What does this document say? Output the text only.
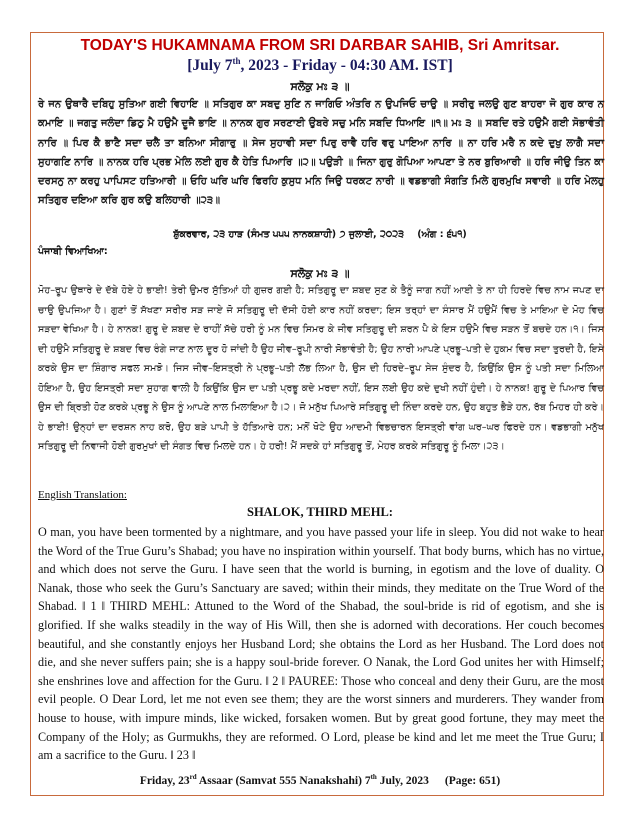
TODAY'S HUKAMNAMA FROM SRI DARBAR SAHIB, Sri Amritsar.

[July 7th, 2023 - Friday - 04:30 AM. IST]

ਸਲੋਕੁ ਮਃ ੩ ॥

ਰੇ ਜਨ ਉਥਾਰੈ ਦਬਿਹੁ ਸੁਤਿਆ ਗਈ ਵਿਹਾਇ ॥ ਸਤਿਗੁਰ ਕਾ ਸਬਦੁ ਸੁਣਿ ਨ ਜਾਗਿਓ ਅੰਤਰਿ ਨ ਉਪਜਿਓ ਚਾਉ ॥ ਸਰੀਰੁ ਜਲਉ ਗੁਣ ਬਾਹਰਾ ਜੋ ਗੁਰ ਕਾਰ ਨ ਕਮਾਇ ॥ ਜਗਤੁ ਜਲੰਦਾ ਡਿਠੁ ਮੈ ਹਉਮੈ ਦੂਜੈ ਭਾਇ ॥ ਨਾਨਕ ਗੁਰ ਸਰਣਾਈ ਉਬਰੇ ਸਚੁ ਮਨਿ ਸਬਦਿ ਧਿਆਇ ॥੧॥ ਮਃ ੩ ॥ ਸਬਦਿ ਰਤੇ ਹਉਮੈ ਗਈ ਸੋਭਾਵੰਤੀ ਨਾਰਿ ॥ ਪਿਰ ਕੈ ਭਾਣੈ ਸਦਾ ਚਲੈ ਤਾ ਬਨਿਆ ਸੀਗਾਰੁ ॥ ਸੇਜ ਸੁਹਾਵੀ ਸਦਾ ਪਿਰੁ ਰਾਵੈ ਹਰਿ ਵਰੁ ਪਾਇਆ ਨਾਰਿ ॥ ਨਾ ਹਰਿ ਮਰੈ ਨ ਕਦੇ ਦੁਖੁ ਲਾਗੈ ਸਦਾ ਸੁਹਾਗਣਿ ਨਾਰਿ ॥ ਨਾਨਕ ਹਰਿ ਪ੍ਰਭ ਮੇਲਿ ਲਈ ਗੁਰ ਕੈ ਹੇਤਿ ਪਿਆਰਿ ॥੨॥ ਪਉੜੀ ॥ ਜਿਨਾ ਗੁਰੁ ਗੋਪਿਆ ਆਪਣਾ ਤੇ ਨਰ ਬੁਰਿਆਰੀ ॥ ਹਰਿ ਜੀਉ ਤਿਨ ਕਾ ਦਰਸਨੁ ਨਾ ਕਰਹੁ ਪਾਪਿਸਟ ਹਤਿਆਰੀ ॥ ਓਹਿ ਘਰਿ ਘਰਿ ਫਿਰਹਿ ਕੁਸੁਧ ਮਨਿ ਜਿਉ ਧਰਕਟ ਨਾਰੀ ॥ ਵਡਭਾਗੀ ਸੰਗਤਿ ਮਿਲੇ ਗੁਰਮੁਖਿ ਸਵਾਰੀ ॥ ਹਰਿ ਮੇਲਹੁ ਸਤਿਗੁਰ ਦਇਆ ਕਰਿ ਗੁਰ ਕਉ ਬਲਿਹਾਰੀ ॥੨੩॥

ਸ਼ੁੱਕਰਵਾਰ, ੨੩ ਹਾੜ (ਸੰਮਤ ੫੫੫ ਨਾਨਕਸ਼ਾਹੀ) ੭ ਜੁਲਾਈ, ੨੦੨੩ (ਅੰਗ : ੬੫੧)

ਪੰਜਾਬੀ ਵਿਆਖਿਆ:

ਸਲੋਕੁ ਮਃ ੩ ॥

ਮੋਹ–ਰੂਪ ਉਥਾਰੇ ਦੇ ਦੱਬੇ ਹੋਏ ਹੇ ਭਾਈ! ਤੇਰੀ ਉਮਰ ਸੁੱਤਿਆਂ ਹੀ ਗੁਜ਼ਰ ਗਈ ਹੈ; ਸਤਿਗੁਰੂ ਦਾ ਸ਼ਬਦ ਸੁਣ ਕੇ ਤੈਨੂੰ ਜਾਗ ਨਹੀਂ ਆਈ ਤੇ ਨਾ ਹੀ ਹਿਰਦੇ ਵਿਚ ਨਾਮ ਜਪਣ ਦਾ ਚਾਉ ਉਪਜਿਆ ਹੈ। ਗੁਣਾਂ ਤੋਂ ਸੱਖਣਾ ਸਰੀਰ ਸੜ ਜਾਏ ਜੋ ਸਤਿਗੁਰੂ ਦੀ ਦੱਸੀ ਹੋਈ ਕਾਰ ਨਹੀਂ ਕਰਦਾ; ਇਸ ਤਰ੍ਹਾਂ ਦਾ ਸੰਸਾਰ ਮੈਂ ਹਉਮੈਂ ਵਿਚ ਤੇ ਮਾਇਆ ਦੇ ਮੋਹ ਵਿਚ ਸੜਦਾ ਵੇਖਿਆ ਹੈ। ਹੇ ਨਾਨਕ! ਗੁਰੂ ਦੇ ਸ਼ਬਦ ਦੇ ਰਾਹੀਂ ਸੱਚੇ ਹਰੀ ਨੂੰ ਮਨ ਵਿਚ ਸਿਮਰ ਕੇ ਜੀਵ ਸਤਿਗੁਰੂ ਦੀ ਸ਼ਰਨ ਪੈ ਕੇ ਇਸ ਹਉਮੈ ਵਿਚ ਸੜਨ ਤੋਂ ਬਚਦੇ ਹਨ।੧। ਜਿਸ ਦੀ ਹਉਮੈ ਸਤਿਗੁਰੂ ਦੇ ਸ਼ਬਦ ਵਿਚ ਰੰਗੇ ਜਾਣ ਨਾਲ ਦੂਰ ਹੋ ਜਾਂਦੀ ਹੈ ਉਹ ਜੀਵ–ਰੂਪੀ ਨਾਰੀ ਸੋਭਾਵੰਤੀ ਹੈ; ਉਹ ਨਾਰੀ ਆਪਣੇ ਪ੍ਰਭੂ–ਪਤੀ ਦੇ ਹੁਕਮ ਵਿਚ ਸਦਾ ਤੁਰਦੀ ਹੈ, ਇਸੇ ਕਰਕੇ ਉਸ ਦਾ ਸ਼ਿੰਗਾਰ ਸਫਲ ਸਮਝੋ। ਜਿਸ ਜੀਵ–ਇਸਤ੍ਰੀ ਨੇ ਪ੍ਰਭੂ–ਪਤੀ ਲੱਭ ਲਿਆ ਹੈ, ਉਸ ਦੀ ਹਿਰਦੇ–ਰੂਪ ਸੇਜ ਸੁੰਦਰ ਹੈ, ਕਿਉਂਕਿ ਉਸ ਨੂੰ ਪਤੀ ਸਦਾ ਮਿਲਿਆ ਹੋਇਆ ਹੈ, ਉਹ ਇਸਤ੍ਰੀ ਸਦਾ ਸੁਹਾਗ ਵਾਲੀ ਹੈ ਕਿਉਂਕਿ ਉਸ ਦਾ ਪਤੀ ਪ੍ਰਭੂ ਕਦੇ ਮਰਦਾ ਨਹੀਂ, ਇਸ ਲਈ ਉਹ ਕਦੇ ਦੁਖੀ ਨਹੀਂ ਹੁੰਦੀ। ਹੇ ਨਾਨਕ! ਗੁਰੂ ਦੇ ਪਿਆਰ ਵਿਚ ਉਸ ਦੀ ਬ੍ਰਿਤੀ ਹੋਣ ਕਰਕੇ ਪ੍ਰਭੂ ਨੇ ਉਸ ਨੂੰ ਆਪਣੇ ਨਾਲ ਮਿਲਾਇਆ ਹੈ।੨। ਜੋ ਮਨੁੱਖ ਪਿਆਰੇ ਸਤਿਗੁਰੂ ਦੀ ਨਿੰਦਾ ਕਰਦੇ ਹਨ, ਉਹ ਬਹੁਤ ਭੈੜੇ ਹਨ, ਰੱਬ ਮਿਹਰ ਹੀ ਕਰੇ। ਹੇ ਭਾਈ! ਉਨ੍ਹਾਂ ਦਾ ਦਰਸ਼ਨ ਨਾਹ ਕਰੋ, ਉਹ ਬੜੇ ਪਾਪੀ ਤੇ ਹੱਤਿਆਰੇ ਹਨ; ਮਨੋਂ ਖੋਟੇ ਉਹ ਆਦਮੀ ਵਿਭਚਾਰਨ ਇਸਤ੍ਰੀ ਵਾਂਗ ਘਰ–ਘਰ ਫਿਰਦੇ ਹਨ। ਵਡਭਾਗੀ ਮਨੁੱਖ ਸਤਿਗੁਰੂ ਦੀ ਨਿਵਾਜੀ ਹੋਈ ਗੁਰਮੁਖਾਂ ਦੀ ਸੰਗਤ ਵਿਚ ਮਿਲਦੇ ਹਨ। ਹੇ ਹਰੀ! ਮੈਂ ਸਦਕੇ ਹਾਂ ਸਤਿਗੁਰੂ ਤੋਂ, ਮੇਹਰ ਕਰਕੇ ਸਤਿਗੁਰੂ ਨੂੰ ਮਿਲਾ।੨੩।

English Translation:

SHALOK, THIRD MEHL:

O man, you have been tormented by a nightmare, and you have passed your life in sleep. You did not wake to hear the Word of the True Guru’s Shabad; you have no inspiration within yourself. That body burns, which has no virtue, and which does not serve the Guru. I have seen that the world is burning, in egotism and the love of duality. O Nanak, those who seek the Guru’s Sanctuary are saved; within their minds, they meditate on the True Word of the Shabad. ‖ 1 ‖ THIRD MEHL: Attuned to the Word of the Shabad, the soul-bride is rid of egotism, and she is glorified. If she walks steadily in the way of His Will, then she is adorned with decorations. Her couch becomes beautiful, and she constantly enjoys her Husband Lord; she obtains the Lord as her Husband. The Lord does not die, and she never suffers pain; she is a happy soul-bride forever. O Nanak, the Lord God unites her with Himself; she enshrines love and affection for the Guru. ‖ 2 ‖ PAUREE: Those who conceal and deny their Guru, are the most evil people. O Dear Lord, let me not even see them; they are the worst sinners and murderers. They wander from house to house, with impure minds, like wicked, forsaken women. But by great good fortune, they may meet the Company of the Holy; as Gurmukhs, they are reformed. O Lord, please be kind and let me meet the True Guru; I am a sacrifice to the Guru. ‖ 23 ‖

Friday, 23rd Assaar (Samvat 555 Nanakshahi) 7th July, 2023 (Page: 651)
